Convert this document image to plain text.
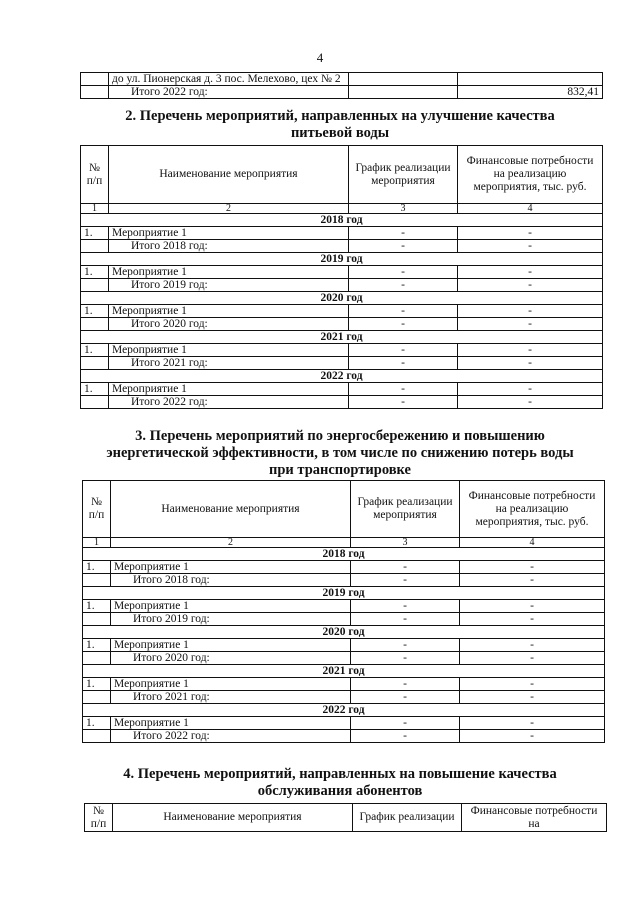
4
	до ул. Пионерская д. 3 пос. Мелехово, цех № 2		
	Итого 2022 год:		832,41
2. Перечень мероприятий, направленных на улучшение качества
питьевой воды
№ п/п	Наименование мероприятия	График реализации мероприятия	Финансовые потребности на реализацию мероприятия, тыс. руб.
1	2	3	4
2018 год			
1.	Мероприятие 1	-	-
	Итого 2018 год:	-	-
2019 год			
1.	Мероприятие 1	-	-
	Итого 2019 год:	-	-
2020 год			
1.	Мероприятие 1	-	-
	Итого 2020 год:	-	-
2021 год			
1.	Мероприятие 1	-	-
	Итого 2021 год:	-	-
2022 год			
1.	Мероприятие 1	-	-
	Итого 2022 год:	-	-
3. Перечень мероприятий по энергосбережению и повышению
энергетической эффективности, в том числе по снижению потерь воды
при транспортировке
№ п/п	Наименование мероприятия	График реализации мероприятия	Финансовые потребности на реализацию мероприятия, тыс. руб.
1	2	3	4
2018 год			
1.	Мероприятие 1	-	-
	Итого 2018 год:	-	-
2019 год			
1.	Мероприятие 1	-	-
	Итого 2019 год:	-	-
2020 год			
1.	Мероприятие 1	-	-
	Итого 2020 год:	-	-
2021 год			
1.	Мероприятие 1	-	-
	Итого 2021 год:	-	-
2022 год			
1.	Мероприятие 1	-	-
	Итого 2022 год:	-	-
4. Перечень мероприятий, направленных на повышение качества
обслуживания абонентов
№ п/п	Наименование мероприятия	График реализации	Финансовые потребности на
